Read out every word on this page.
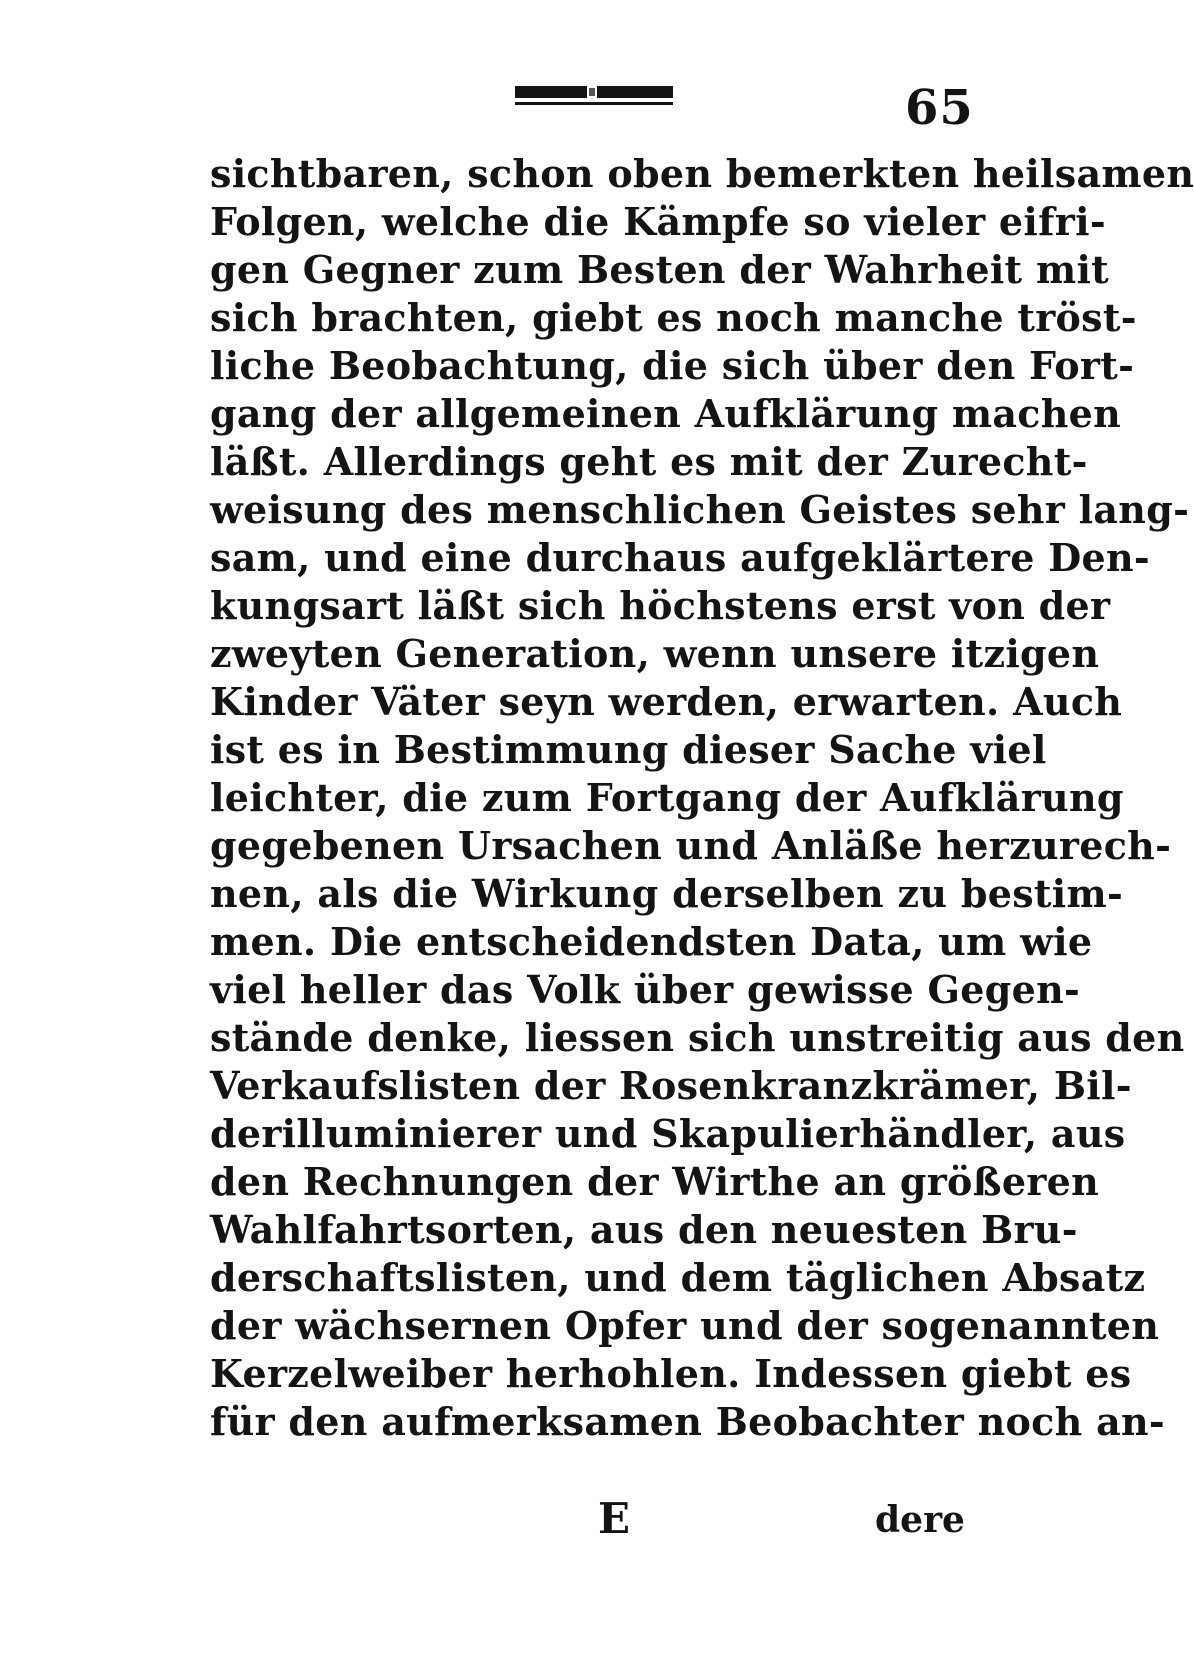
65
sichtbaren, schon oben bemerkten heilsamen
Folgen, welche die Kämpfe so vieler eifri-
gen Gegner zum Besten der Wahrheit mit
sich brachten, giebt es noch manche tröst-
liche Beobachtung, die sich über den Fort-
gang der allgemeinen Aufklärung machen
läßt. Allerdings geht es mit der Zurecht-
weisung des menschlichen Geistes sehr lang-
sam, und eine durchaus aufgeklärtere Den-
kungsart läßt sich höchstens erst von der
zweyten Generation, wenn unsere itzigen
Kinder Väter seyn werden, erwarten. Auch
ist es in Bestimmung dieser Sache viel
leichter, die zum Fortgang der Aufklärung
gegebenen Ursachen und Anläße herzurech-
nen, als die Wirkung derselben zu bestim-
men. Die entscheidendsten Data, um wie
viel heller das Volk über gewisse Gegen-
stände denke, liessen sich unstreitig aus den
Verkaufslisten der Rosenkranzkrämer, Bil-
derilluminierer und Skapulierhändler, aus
den Rechnungen der Wirthe an größeren
Wahlfahrtsorten, aus den neuesten Bru-
derschaftslisten, und dem täglichen Absatz
der wächsernen Opfer und der sogenannten
Kerzelweiber herhohlen. Indessen giebt es
für den aufmerksamen Beobachter noch an-
E	dere
